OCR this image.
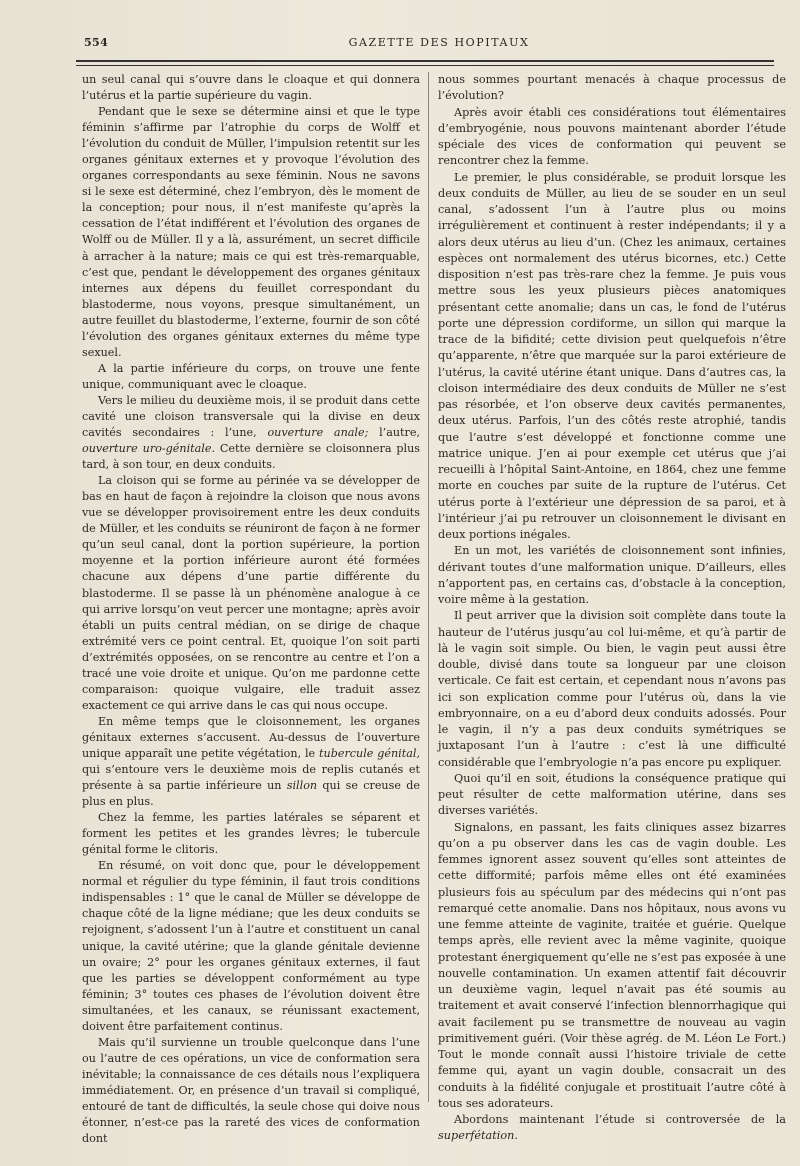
554	GAZETTE DES HOPITAUX

un seul canal qui s’ouvre dans le cloaque et qui donnera l’utérus et la partie supérieure du vagin.

Pendant que le sexe se détermine ainsi et que le type féminin s’affirme par l’atrophie du corps de Wolff et l’évolution du conduit de Müller, l’impulsion retentit sur les organes génitaux externes et y provoque l’évolution des organes correspondants au sexe féminin. Nous ne savons si le sexe est déterminé, chez l’embryon, dès le moment de la conception; pour nous, il n’est manifeste qu’après la cessation de l’état indifférent et l’évolution des organes de Wolff ou de Müller. Il y a là, assurément, un secret difficile à arracher à la nature; mais ce qui est très-remarquable, c’est que, pendant le développement des organes génitaux internes aux dépens du feuillet correspondant du blastoderme, nous voyons, presque simultanément, un autre feuillet du blastoderme, l’externe, fournir de son côté l’évolution des organes génitaux externes du même type sexuel.

A la partie inférieure du corps, on trouve une fente unique, communiquant avec le cloaque.

Vers le milieu du deuxième mois, il se produit dans cette cavité une cloison transversale qui la divise en deux cavités secondaires : l’une, ouverture anale; l’autre, ouverture uro-génitale. Cette dernière se cloisonnera plus tard, à son tour, en deux conduits.

La cloison qui se forme au périnée va se développer de bas en haut de façon à rejoindre la cloison que nous avons vue se développer provisoirement entre les deux conduits de Müller, et les conduits se réuniront de façon à ne former qu’un seul canal, dont la portion supérieure, la portion moyenne et la portion inférieure auront été formées chacune aux dépens d’une partie différente du blastoderme. Il se passe là un phénomène analogue à ce qui arrive lorsqu’on veut percer une montagne; après avoir établi un puits central médian, on se dirige de chaque extrémité vers ce point central. Et, quoique l’on soit parti d’extrémités opposées, on se rencontre au centre et l’on a tracé une voie droite et unique. Qu’on me pardonne cette comparaison: quoique vulgaire, elle traduit assez exactement ce qui arrive dans le cas qui nous occupe.

En même temps que le cloisonnement, les organes génitaux externes s’accusent. Au-dessus de l’ouverture unique apparaît une petite végétation, le tubercule génital, qui s’entoure vers le deuxième mois de replis cutanés et présente à sa partie inférieure un sillon qui se creuse de plus en plus.

Chez la femme, les parties latérales se séparent et forment les petites et les grandes lèvres; le tubercule génital forme le clitoris.

En résumé, on voit donc que, pour le développement normal et régulier du type féminin, il faut trois conditions indispensables : 1° que le canal de Müller se développe de chaque côté de la ligne médiane; que les deux conduits se rejoignent, s’adossent l’un à l’autre et constituent un canal unique, la cavité utérine; que la glande génitale devienne un ovaire; 2° pour les organes génitaux externes, il faut que les parties se développent conformément au type féminin; 3° toutes ces phases de l’évolution doivent être simultanées, et les canaux, se réunissant exactement, doivent être parfaitement continus.

Mais qu’il survienne un trouble quelconque dans l’une ou l’autre de ces opérations, un vice de conformation sera inévitable; la connaissance de ces détails nous l’expliquera immédiatement. Or, en présence d’un travail si compliqué, entouré de tant de difficultés, la seule chose qui doive nous étonner, n’est-ce pas la rareté des vices de conformation dont

nous sommes pourtant menacés à chaque processus de l’évolution?

Après avoir établi ces considérations tout élémentaires d’embryogénie, nous pouvons maintenant aborder l’étude spéciale des vices de conformation qui peuvent se rencontrer chez la femme.

Le premier, le plus considérable, se produit lorsque les deux conduits de Müller, au lieu de se souder en un seul canal, s’adossent l’un à l’autre plus ou moins irrégulièrement et continuent à rester indépendants; il y a alors deux utérus au lieu d’un. (Chez les animaux, certaines espèces ont normalement des utérus bicornes, etc.) Cette disposition n’est pas très-rare chez la femme. Je puis vous mettre sous les yeux plusieurs pièces anatomiques présentant cette anomalie; dans un cas, le fond de l’utérus porte une dépression cordiforme, un sillon qui marque la trace de la bifidité; cette division peut quelquefois n’être qu’apparente, n’être que marquée sur la paroi extérieure de l’utérus, la cavité utérine étant unique. Dans d’autres cas, la cloison intermédiaire des deux conduits de Müller ne s’est pas résorbée, et l’on observe deux cavités permanentes, deux utérus. Parfois, l’un des côtés reste atrophié, tandis que l’autre s’est développé et fonctionne comme une matrice unique. J’en ai pour exemple cet utérus que j’ai recueilli à l’hôpital Saint-Antoine, en 1864, chez une femme morte en couches par suite de la rupture de l’utérus. Cet utérus porte à l’extérieur une dépression de sa paroi, et à l’intérieur j’ai pu retrouver un cloisonnement le divisant en deux portions inégales.

En un mot, les variétés de cloisonnement sont infinies, dérivant toutes d’une malformation unique. D’ailleurs, elles n’apportent pas, en certains cas, d’obstacle à la conception, voire même à la gestation.

Il peut arriver que la division soit complète dans toute la hauteur de l’utérus jusqu’au col lui-même, et qu’à partir de là le vagin soit simple. Ou bien, le vagin peut aussi être double, divisé dans toute sa longueur par une cloison verticale. Ce fait est certain, et cependant nous n’avons pas ici son explication comme pour l’utérus où, dans la vie embryonnaire, on a eu d’abord deux conduits adossés. Pour le vagin, il n’y a pas deux conduits symétriques se juxtaposant l’un à l’autre : c’est là une difficulté considérable que l’embryologie n’a pas encore pu expliquer.

Quoi qu’il en soit, étudions la conséquence pratique qui peut résulter de cette malformation utérine, dans ses diverses variétés.

Signalons, en passant, les faits cliniques assez bizarres qu’on a pu observer dans les cas de vagin double. Les femmes ignorent assez souvent qu’elles sont atteintes de cette difformité; parfois même elles ont été examinées plusieurs fois au spéculum par des médecins qui n’ont pas remarqué cette anomalie. Dans nos hôpitaux, nous avons vu une femme atteinte de vaginite, traitée et guérie. Quelque temps après, elle revient avec la même vaginite, quoique protestant énergiquement qu’elle ne s’est pas exposée à une nouvelle contamination. Un examen attentif fait découvrir un deuxième vagin, lequel n’avait pas été soumis au traitement et avait conservé l’infection blennorrhagique qui avait facilement pu se transmettre de nouveau au vagin primitivement guéri. (Voir thèse agrég. de M. Léon Le Fort.) Tout le monde connaît aussi l’histoire triviale de cette femme qui, ayant un vagin double, consacrait un des conduits à la fidélité conjugale et prostituait l’autre côté à tous ses adorateurs.

Abordons maintenant l’étude si controversée de la superfétation.
